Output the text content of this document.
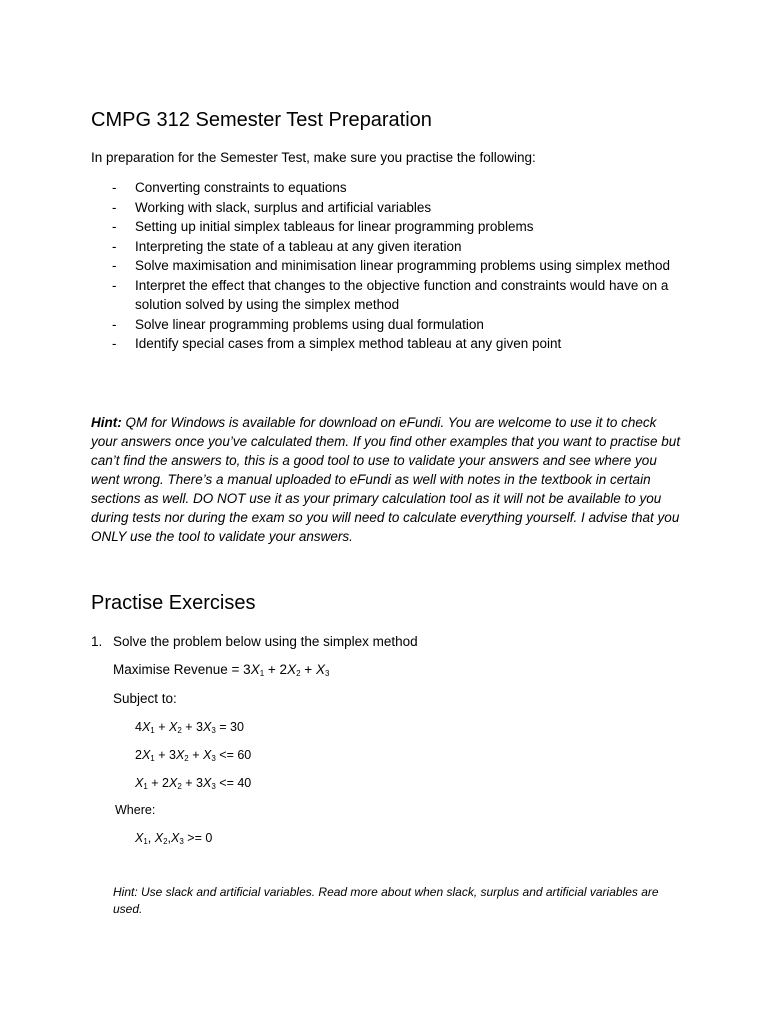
CMPG 312 Semester Test Preparation
In preparation for the Semester Test, make sure you practise the following:
- Converting constraints to equations
- Working with slack, surplus and artificial variables
- Setting up initial simplex tableaus for linear programming problems
- Interpreting the state of a tableau at any given iteration
- Solve maximisation and minimisation linear programming problems using simplex method
- Interpret the effect that changes to the objective function and constraints would have on a solution solved by using the simplex method
- Solve linear programming problems using dual formulation
- Identify special cases from a simplex method tableau at any given point
Hint: QM for Windows is available for download on eFundi. You are welcome to use it to check your answers once you’ve calculated them. If you find other examples that you want to practise but can’t find the answers to, this is a good tool to use to validate your answers and see where you went wrong. There’s a manual uploaded to eFundi as well with notes in the textbook in certain sections as well. DO NOT use it as your primary calculation tool as it will not be available to you during tests nor during the exam so you will need to calculate everything yourself. I advise that you ONLY use the tool to validate your answers.
Practise Exercises
1. Solve the problem below using the simplex method
Maximise Revenue = $3X_1 + 2X_2 + X_3$
Subject to:
$4X_1 + X_2 + 3X_3 = 30$
$2X_1 + 3X_2 + X_3 <= 60$
$X_1 + 2X_2 + 3X_3 <= 40$
Where:
$X_1$, $X_2,X_3 >= 0$
Hint: Use slack and artificial variables. Read more about when slack, surplus and artificial variables are used.
